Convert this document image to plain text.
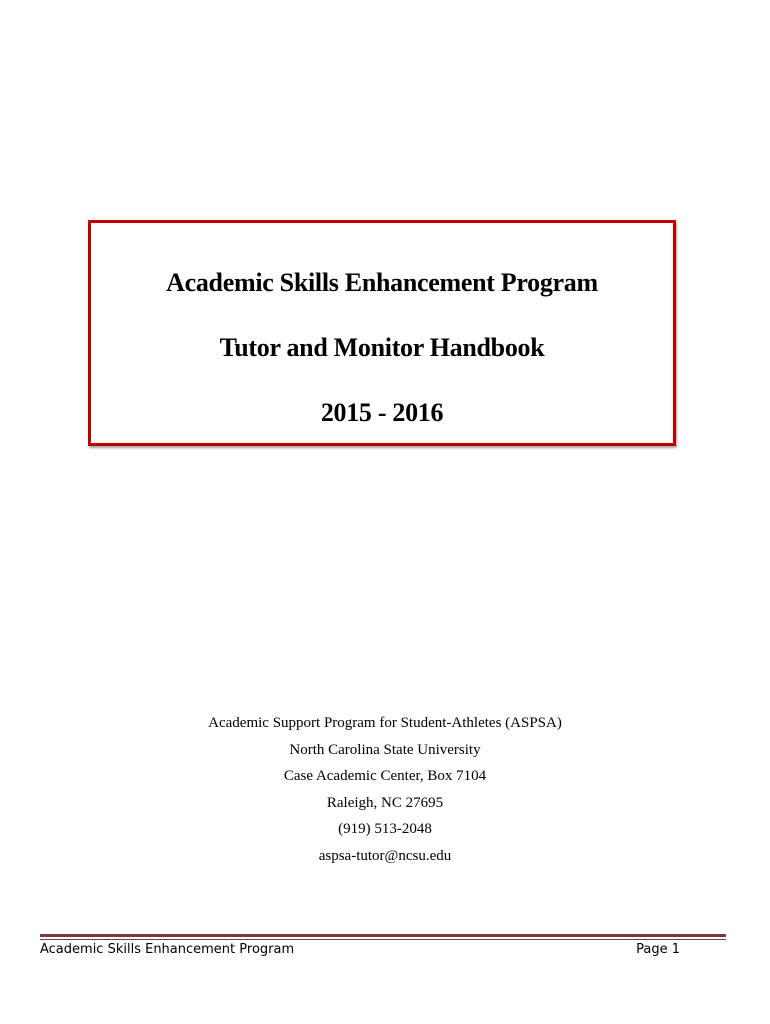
Academic Skills Enhancement Program
Tutor and Monitor Handbook
2015 - 2016
Academic Support Program for Student-Athletes (ASPSA)
North Carolina State University
Case Academic Center, Box 7104
Raleigh, NC 27695
(919) 513-2048
aspsa-tutor@ncsu.edu
Academic Skills Enhancement Program	Page 1
